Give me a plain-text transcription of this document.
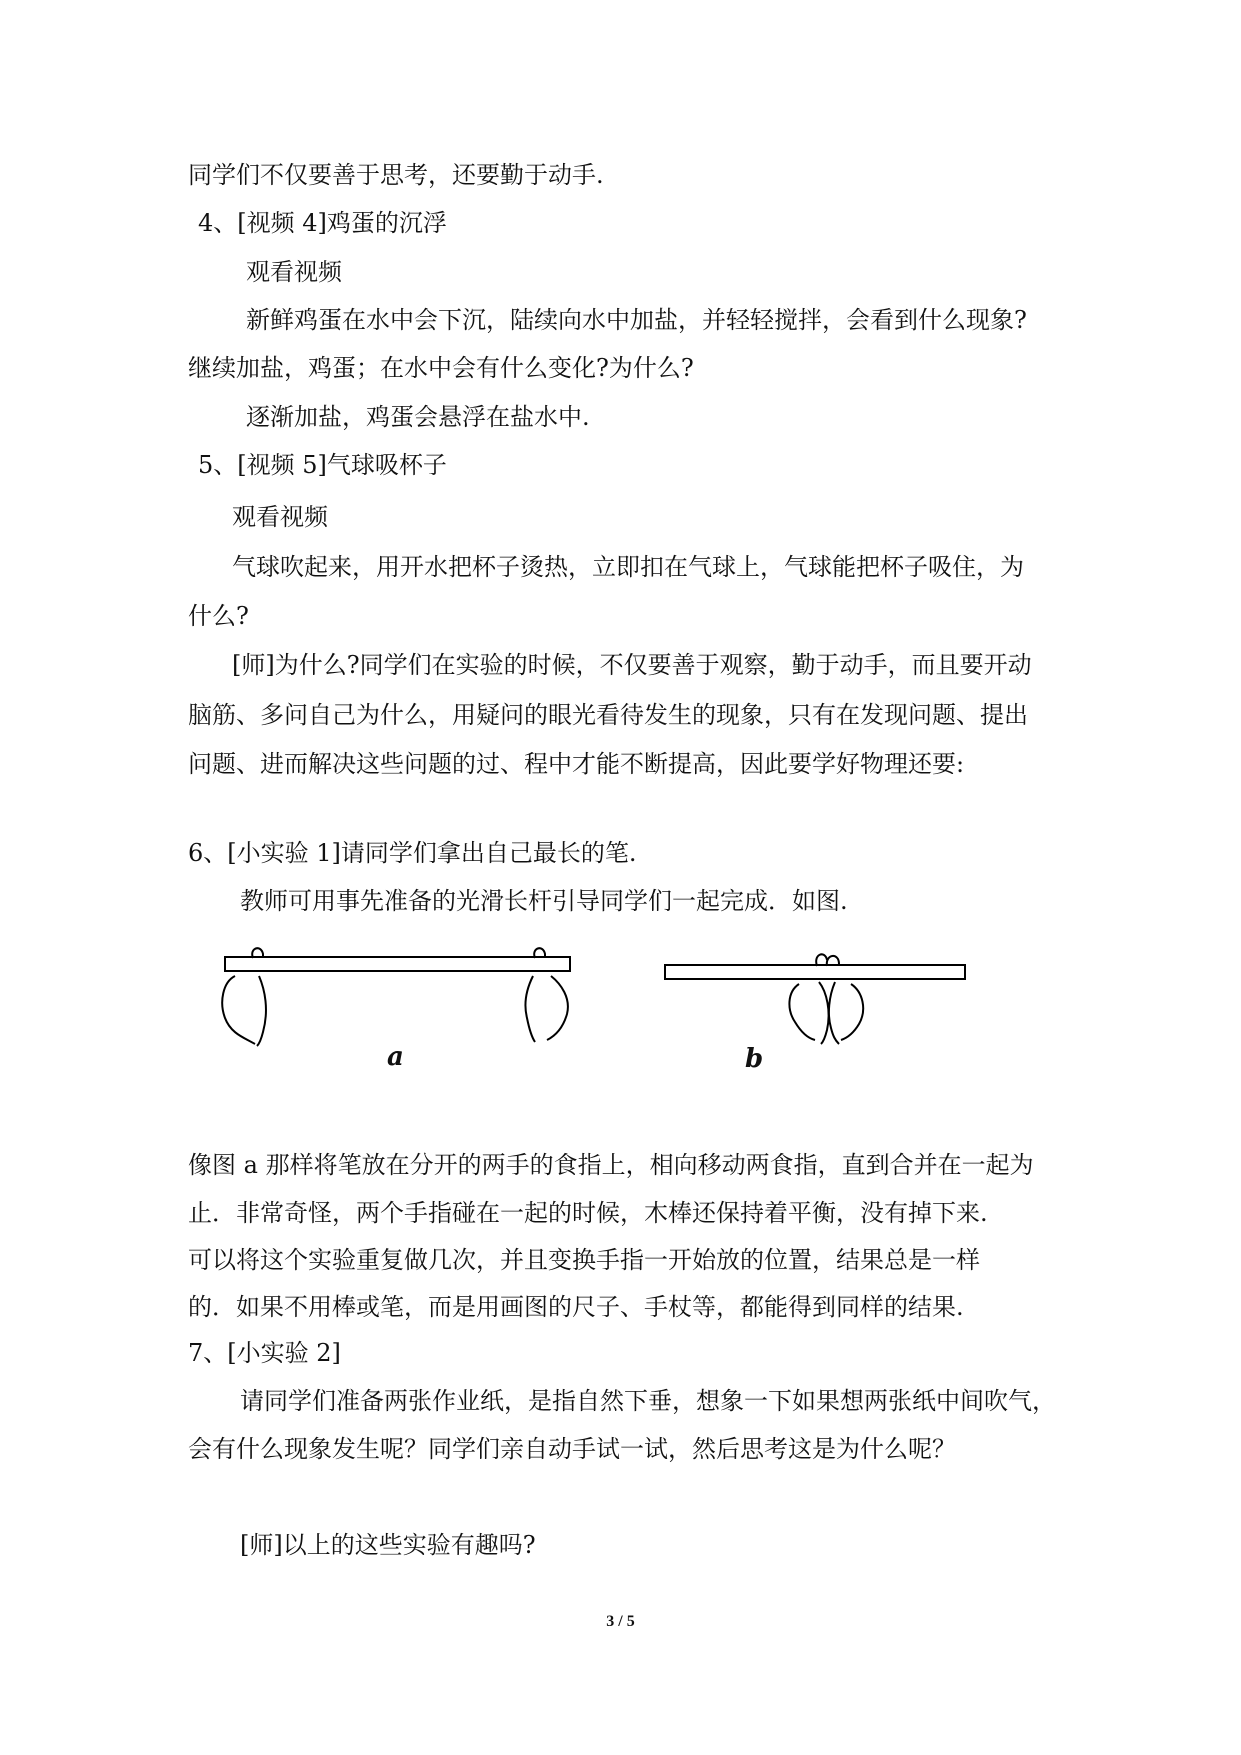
同学们不仅要善于思考，还要勤于动手.
4、[视频 4]鸡蛋的沉浮
观看视频
新鲜鸡蛋在水中会下沉，陆续向水中加盐，并轻轻搅拌，会看到什么现象?
继续加盐，鸡蛋；在水中会有什么变化?为什么?
逐渐加盐，鸡蛋会悬浮在盐水中.
5、[视频 5]气球吸杯子
观看视频
气球吹起来，用开水把杯子烫热，立即扣在气球上，气球能把杯子吸住，为
什么?
[师]为什么?同学们在实验的时候，不仅要善于观察，勤于动手，而且要开动
脑筋、多问自己为什么，用疑问的眼光看待发生的现象，只有在发现问题、提出
问题、进而解决这些问题的过、程中才能不断提高，因此要学好物理还要:
6、[小实验 1]请同学们拿出自己最长的笔.
教师可用事先准备的光滑长杆引导同学们一起完成．如图.
a	b
像图 a 那样将笔放在分开的两手的食指上，相向移动两食指，直到合并在一起为
止．非常奇怪，两个手指碰在一起的时候，木棒还保持着平衡，没有掉下来.
可以将这个实验重复做几次，并且变换手指一开始放的位置，结果总是一样
的．如果不用棒或笔，而是用画图的尺子、手杖等，都能得到同样的结果.
7、[小实验 2]
请同学们准备两张作业纸，是指自然下垂，想象一下如果想两张纸中间吹气，
会有什么现象发生呢？同学们亲自动手试一试，然后思考这是为什么呢？
[师]以上的这些实验有趣吗?
3 / 5
